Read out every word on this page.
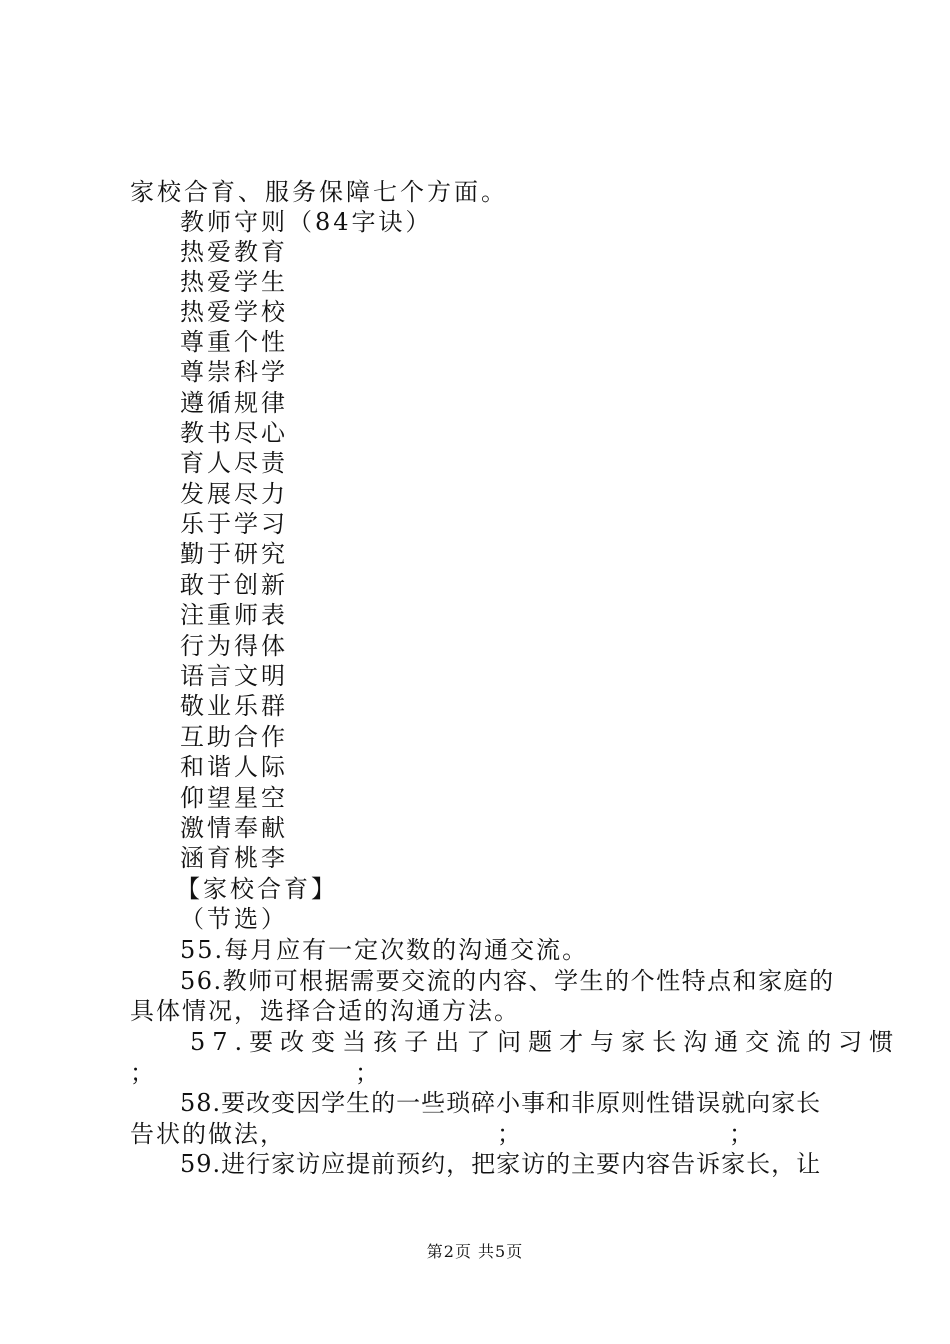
家校合育、服务保障七个方面。
教师守则（84字诀）
热爱教育
热爱学生
热爱学校
尊重个性
尊崇科学
遵循规律
教书尽心
育人尽责
发展尽力
乐于学习
勤于研究
敢于创新
注重师表
行为得体
语言文明
敬业乐群
互助合作
和谐人际
仰望星空
激情奉献
涵育桃李
【家校合育】
（节选）
55.每月应有一定次数的沟通交流。
56.教师可根据需要交流的内容、学生的个性特点和家庭的
具体情况，选择合适的沟通方法。
57.要改变当孩子出了问题才与家长沟通交流的习惯
；	；
58.要改变因学生的一些琐碎小事和非原则性错误就向家长
告状的做法，	；	；
59.进行家访应提前预约，把家访的主要内容告诉家长，让
第2页 共5页
